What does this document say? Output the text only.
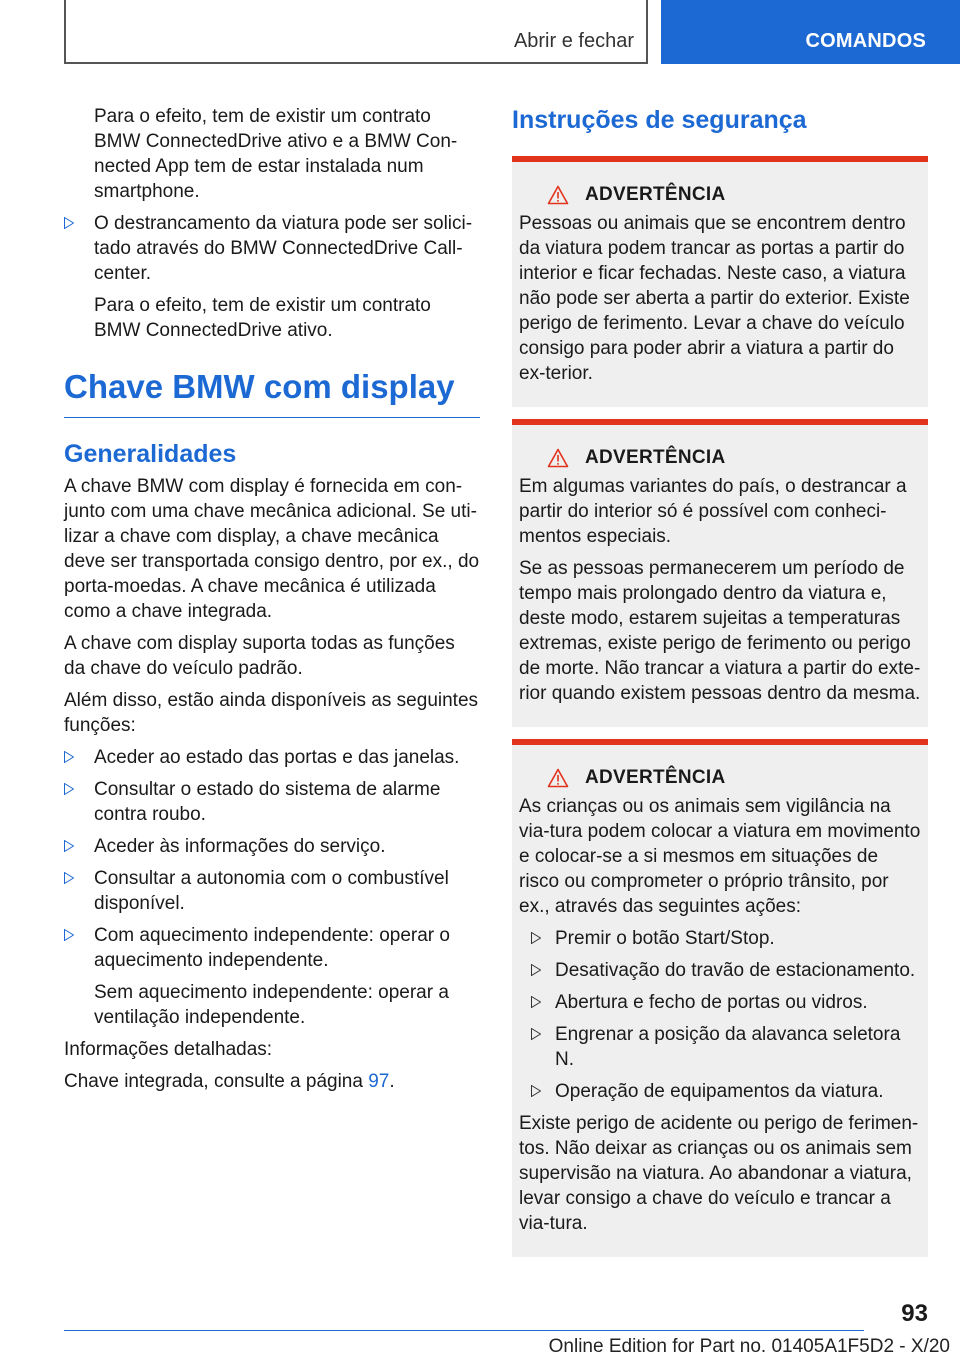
Abrir e fechar	COMANDOS

Para o efeito, tem de existir um contrato BMW ConnectedDrive ativo e a BMW Con-nected App tem de estar instalada num smartphone.

O destrancamento da viatura pode ser solici-tado através do BMW ConnectedDrive Call-center.

Para o efeito, tem de existir um contrato BMW ConnectedDrive ativo.

Chave BMW com display
Generalidades

A chave BMW com display é fornecida em con-junto com uma chave mecânica adicional. Se uti-lizar a chave com display, a chave mecânica deve ser transportada consigo dentro, por ex., do porta-moedas. A chave mecânica é utilizada como a chave integrada.

A chave com display suporta todas as funções da chave do veículo padrão.

Além disso, estão ainda disponíveis as seguintes funções:

Aceder ao estado das portas e das janelas.
Consultar o estado do sistema de alarme contra roubo.
Aceder às informações do serviço.
Consultar a autonomia com o combustível disponível.
Com aquecimento independente: operar o aquecimento independente.

Sem aquecimento independente: operar a ventilação independente.

Informações detalhadas:

Chave integrada, consulte a página 97.

Instruções de segurança
ADVERTÊNCIA

Pessoas ou animais que se encontrem dentro da viatura podem trancar as portas a partir do interior e ficar fechadas. Neste caso, a viatura não pode ser aberta a partir do exterior. Existe perigo de ferimento. Levar a chave do veículo consigo para poder abrir a viatura a partir do ex-terior.

ADVERTÊNCIA

Em algumas variantes do país, o destrancar a partir do interior só é possível com conheci-mentos especiais.

Se as pessoas permanecerem um período de tempo mais prolongado dentro da viatura e, deste modo, estarem sujeitas a temperaturas extremas, existe perigo de ferimento ou perigo de morte. Não trancar a viatura a partir do exte-rior quando existem pessoas dentro da mesma.

ADVERTÊNCIA

As crianças ou os animais sem vigilância na via-tura podem colocar a viatura em movimento e colocar-se a si mesmos em situações de risco ou comprometer o próprio trânsito, por ex., através das seguintes ações:

Premir o botão Start/Stop.
Desativação do travão de estacionamento.
Abertura e fecho de portas ou vidros.
Engrenar a posição da alavanca seletora N.
Operação de equipamentos da viatura.

Existe perigo de acidente ou perigo de ferimen-tos. Não deixar as crianças ou os animais sem supervisão na viatura. Ao abandonar a viatura, levar consigo a chave do veículo e trancar a via-tura.

93
Online Edition for Part no. 01405A1F5D2 - X/20
